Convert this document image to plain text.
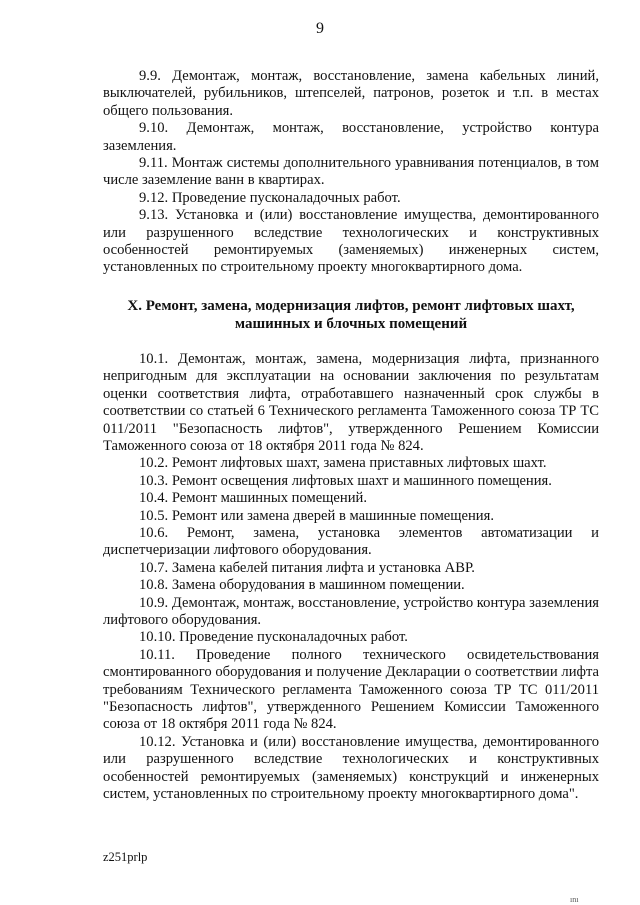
9

9.9. Демонтаж, монтаж, восстановление, замена кабельных линий, выключателей, рубильников, штепселей, патронов, розеток и т.п. в местах общего пользования.

9.10. Демонтаж, монтаж, восстановление, устройство контура заземления.

9.11. Монтаж системы дополнительного уравнивания потенциалов, в том числе заземление ванн в квартирах.

9.12. Проведение пусконаладочных работ.

9.13. Установка и (или) восстановление имущества, демонтированного или разрушенного вследствие технологических и конструктивных особенностей ремонтируемых (заменяемых) инженерных систем, установленных по строительному проекту многоквартирного дома.

X. Ремонт, замена, модернизация лифтов, ремонт лифтовых шахт,
машинных и блочных помещений

10.1. Демонтаж, монтаж, замена, модернизация лифта, признанного непригодным для эксплуатации на основании заключения по результатам оценки соответствия лифта, отработавшего назначенный срок службы в соответствии со статьей 6 Технического регламента Таможенного союза ТР ТС 011/2011 "Безопасность лифтов", утвержденного Решением Комиссии Таможенного союза от 18 октября 2011 года № 824.

10.2. Ремонт лифтовых шахт, замена приставных лифтовых шахт.

10.3. Ремонт освещения лифтовых шахт и машинного помещения.

10.4. Ремонт машинных помещений.

10.5. Ремонт или замена дверей в машинные помещения.

10.6. Ремонт, замена, установка элементов автоматизации и диспетчеризации лифтового оборудования.

10.7. Замена кабелей питания лифта и установка АВР.

10.8. Замена оборудования в машинном помещении.

10.9. Демонтаж, монтаж, восстановление, устройство контура заземления лифтового оборудования.

10.10. Проведение пусконаладочных работ.

10.11. Проведение полного технического освидетельствования смонтированного оборудования и получение Декларации о соответствии лифта требованиям Технического регламента Таможенного союза ТР ТС 011/2011 "Безопасность лифтов", утвержденного Решением Комиссии Таможенного союза от 18 октября 2011 года № 824.

10.12. Установка и (или) восстановление имущества, демонтированного или разрушенного вследствие технологических и конструктивных особенностей ремонтируемых (заменяемых) конструкций и инженерных систем, установленных по строительному проекту многоквартирного дома".

z251prlp
ını
